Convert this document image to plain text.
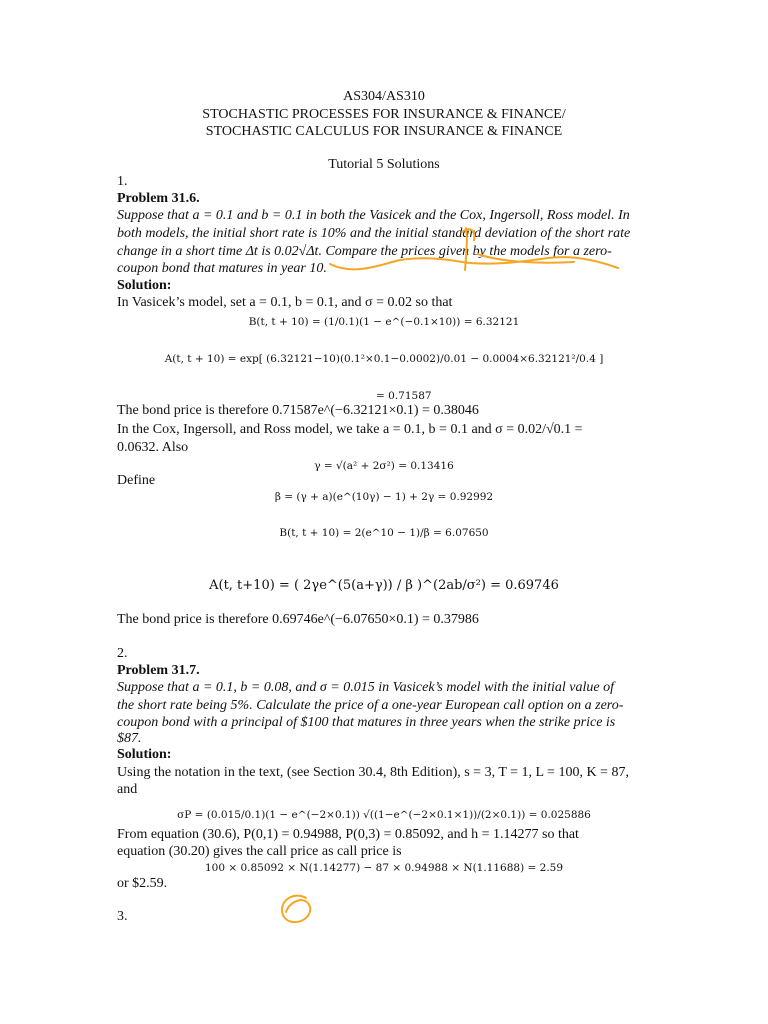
AS304/AS310
STOCHASTIC PROCESSES FOR INSURANCE & FINANCE/
STOCHASTIC CALCULUS FOR INSURANCE & FINANCE
Tutorial 5 Solutions
1.
Problem 31.6.
Suppose that a = 0.1 and b = 0.1 in both the Vasicek and the Cox, Ingersoll, Ross model. In
both models, the initial short rate is 10% and the initial standard deviation of the short rate
change in a short time Δt is 0.02√Δt. Compare the prices given by the models for a zero-
coupon bond that matures in year 10.
Solution:
In Vasicek’s model, set a = 0.1, b = 0.1, and σ = 0.02 so that
B(t, t + 10) = (1/0.1)(1 − e^(−0.1×10)) = 6.32121
A(t, t + 10) = exp[ (6.32121−10)(0.1²×0.1−0.0002)/0.01 − 0.0004×6.32121²/0.4 ]
= 0.71587
The bond price is therefore 0.71587e^(−6.32121×0.1) = 0.38046
In the Cox, Ingersoll, and Ross model, we take a = 0.1, b = 0.1 and σ = 0.02/√0.1 =
0.0632. Also
γ = √(a² + 2σ²) = 0.13416
Define
β = (γ + a)(e^(10γ) − 1) + 2γ = 0.92992
B(t, t + 10) = 2(e^10 − 1)/β = 6.07650
A(t, t+10) = ( 2γe^(5(a+γ)) / β )^(2ab/σ²) = 0.69746
The bond price is therefore 0.69746e^(−6.07650×0.1) = 0.37986
2.
Problem 31.7.
Suppose that a = 0.1, b = 0.08, and σ = 0.015 in Vasicek’s model with the initial value of
the short rate being 5%. Calculate the price of a one-year European call option on a zero-
coupon bond with a principal of $100 that matures in three years when the strike price is
$87.
Solution:
Using the notation in the text, (see Section 30.4, 8th Edition), s = 3, T = 1, L = 100, K = 87,
and
σP = (0.015/0.1)(1 − e^(−2×0.1)) √((1−e^(−2×0.1×1))/(2×0.1)) = 0.025886
From equation (30.6), P(0,1) = 0.94988, P(0,3) = 0.85092, and h = 1.14277 so that
equation (30.20) gives the call price as call price is
100 × 0.85092 × N(1.14277) − 87 × 0.94988 × N(1.11688) = 2.59
or $2.59.
3.
